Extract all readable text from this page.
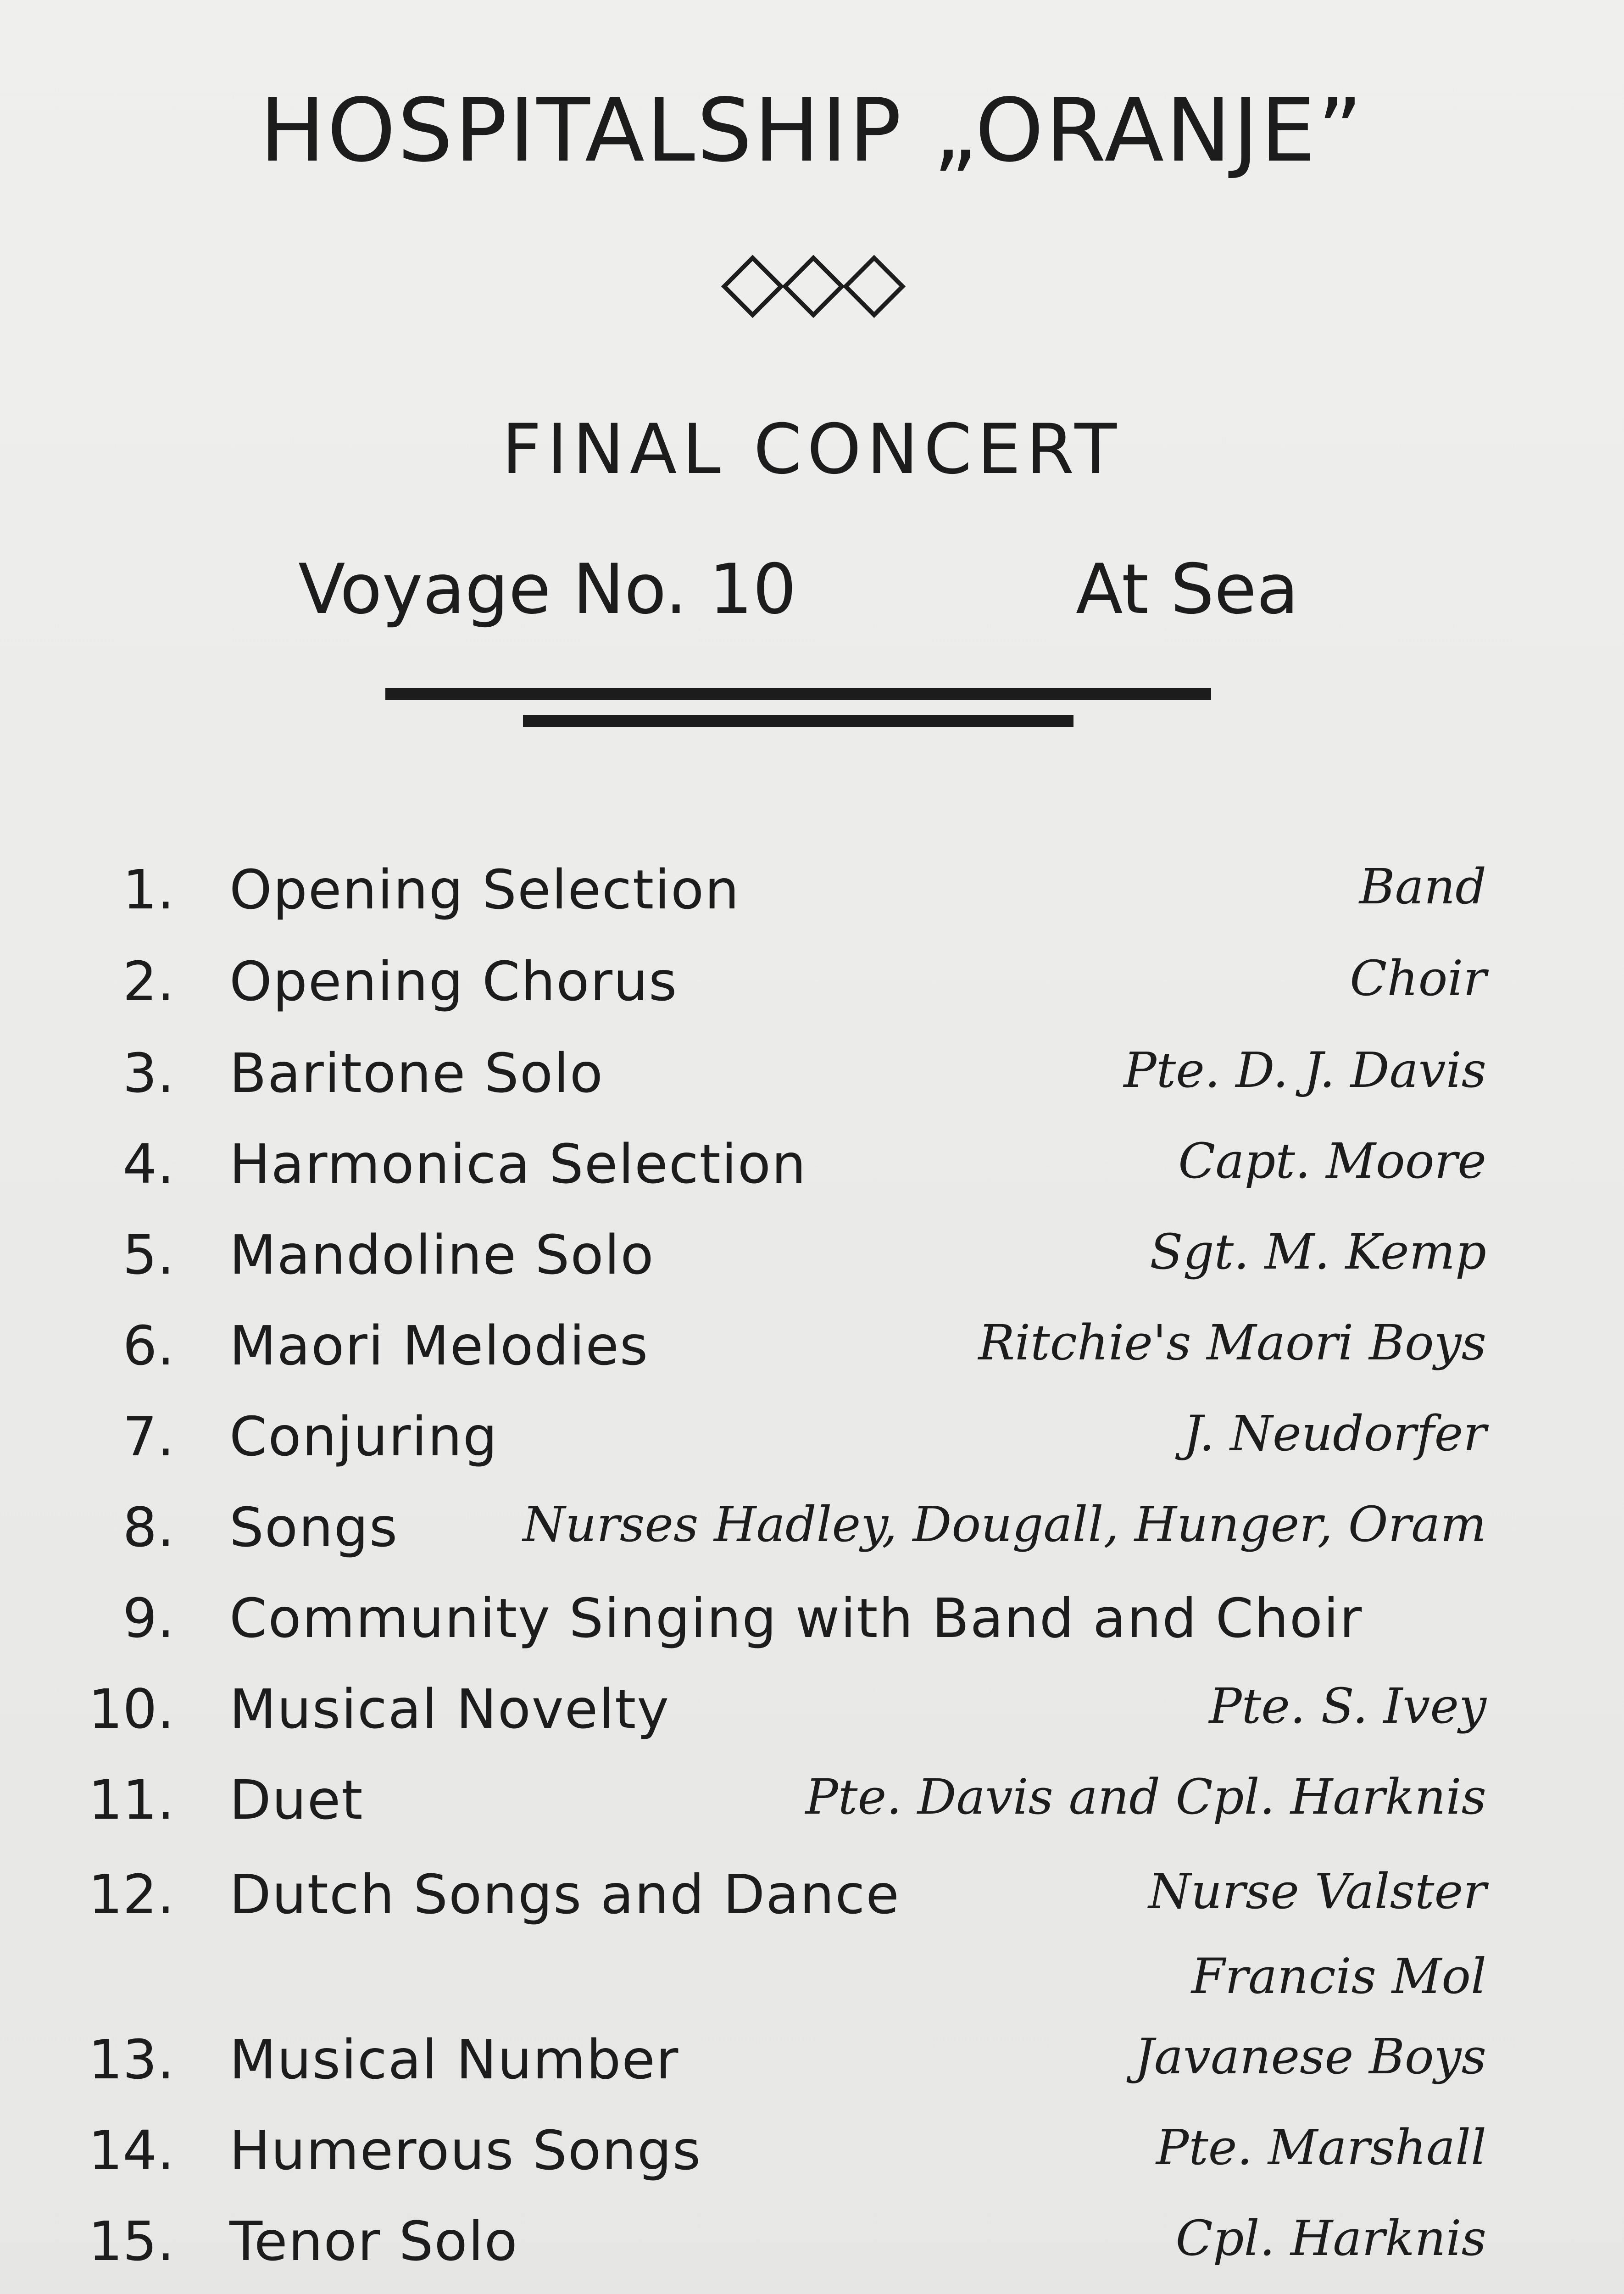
HOSPITALSHIP „ORANJE”
◇◇◇
FINAL CONCERT
Voyage No. 10	At Sea
1. Opening Selection	Band
2. Opening Chorus	Choir
3. Baritone Solo	Pte. D. J. Davis
4. Harmonica Selection	Capt. Moore
5. Mandoline Solo	Sgt. M. Kemp
6. Maori Melodies	Ritchie's Maori Boys
7. Conjuring	J. Neudorfer
8. Songs	Nurses Hadley, Dougall, Hunger, Oram
9. Community Singing with Band and Choir
10. Musical Novelty	Pte. S. Ivey
11. Duet	Pte. Davis and Cpl. Harknis
12. Dutch Songs and Dance	Nurse Valster
Francis Mol
13. Musical Number	Javanese Boys
14. Humerous Songs	Pte. Marshall
15. Tenor Solo	Cpl. Harknis
